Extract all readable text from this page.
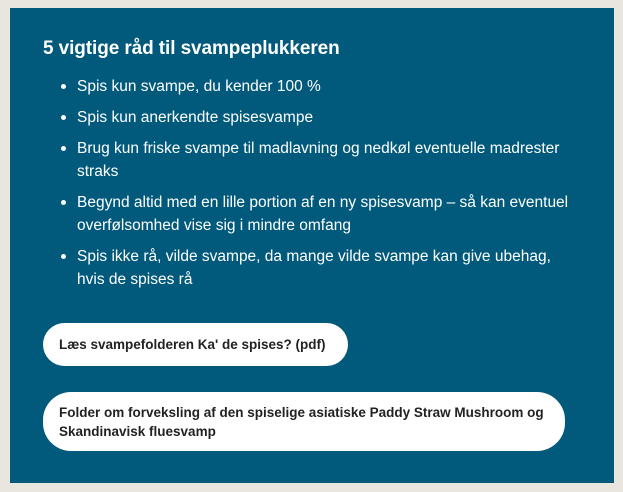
5 vigtige råd til svampeplukkeren
Spis kun svampe, du kender 100 %
Spis kun anerkendte spisesvampe
Brug kun friske svampe til madlavning og nedkøl eventuelle madrester straks
Begynd altid med en lille portion af en ny spisesvamp – så kan eventuel overfølsomhed vise sig i mindre omfang
Spis ikke rå, vilde svampe, da mange vilde svampe kan give ubehag, hvis de spises rå
Læs svampefolderen Ka' de spises? (pdf)
Folder om forveksling af den spiselige asiatiske Paddy Straw Mushroom og Skandinavisk fluesvamp
